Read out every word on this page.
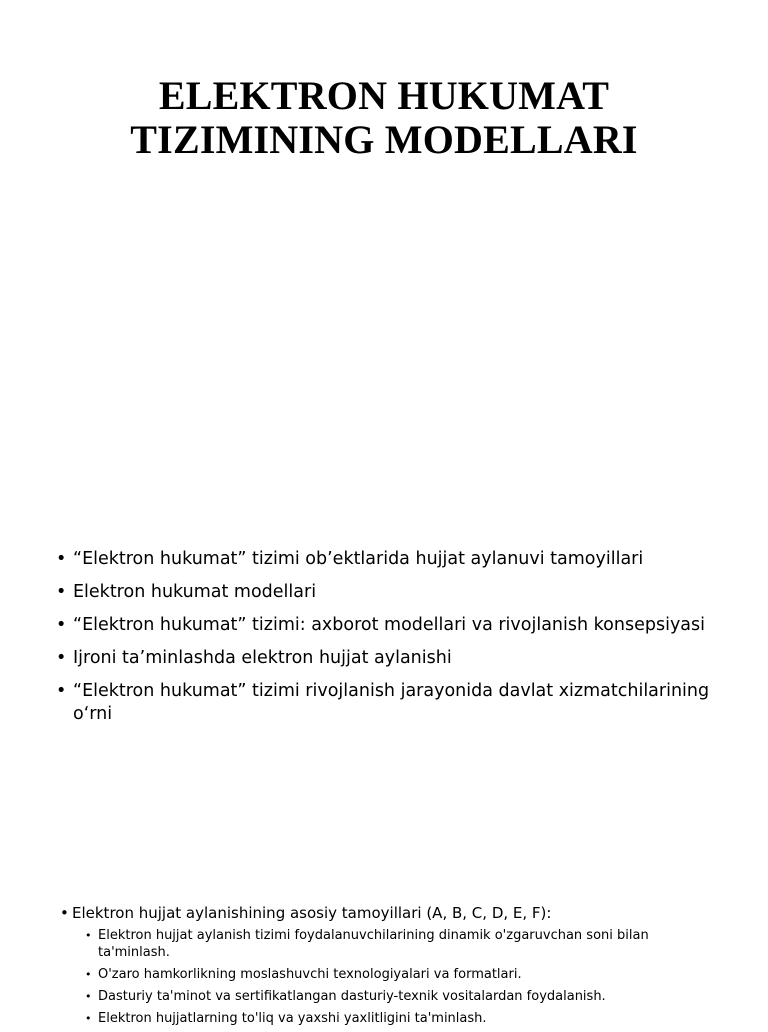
ELEKTRON HUKUMAT
TIZIMINING MODELLARI
• “Elektron hukumat” tizimi ob’ektlarida hujjat aylanuvi tamoyillari
• Elektron hukumat modellari
• “Elektron hukumat” tizimi: axborot modellari va rivojlanish konsepsiyasi
• Ijroni ta’minlashda elektron hujjat aylanishi
• “Elektron hukumat” tizimi rivojlanish jarayonida davlat xizmatchilarining o‘rni
• Elektron hujjat aylanishining asosiy tamoyillari (A, B, C, D, E, F):
• Elektron hujjat aylanish tizimi foydalanuvchilarining dinamik o'zgaruvchan soni bilan ta'minlash.
• O'zaro hamkorlikning moslashuvchi texnologiyalari va formatlari.
• Dasturiy ta'minot va sertifikatlangan dasturiy-texnik vositalardan foydalanish.
• Elektron hujjatlarning to'liq va yaxshi yaxlitligini ta'minlash.
